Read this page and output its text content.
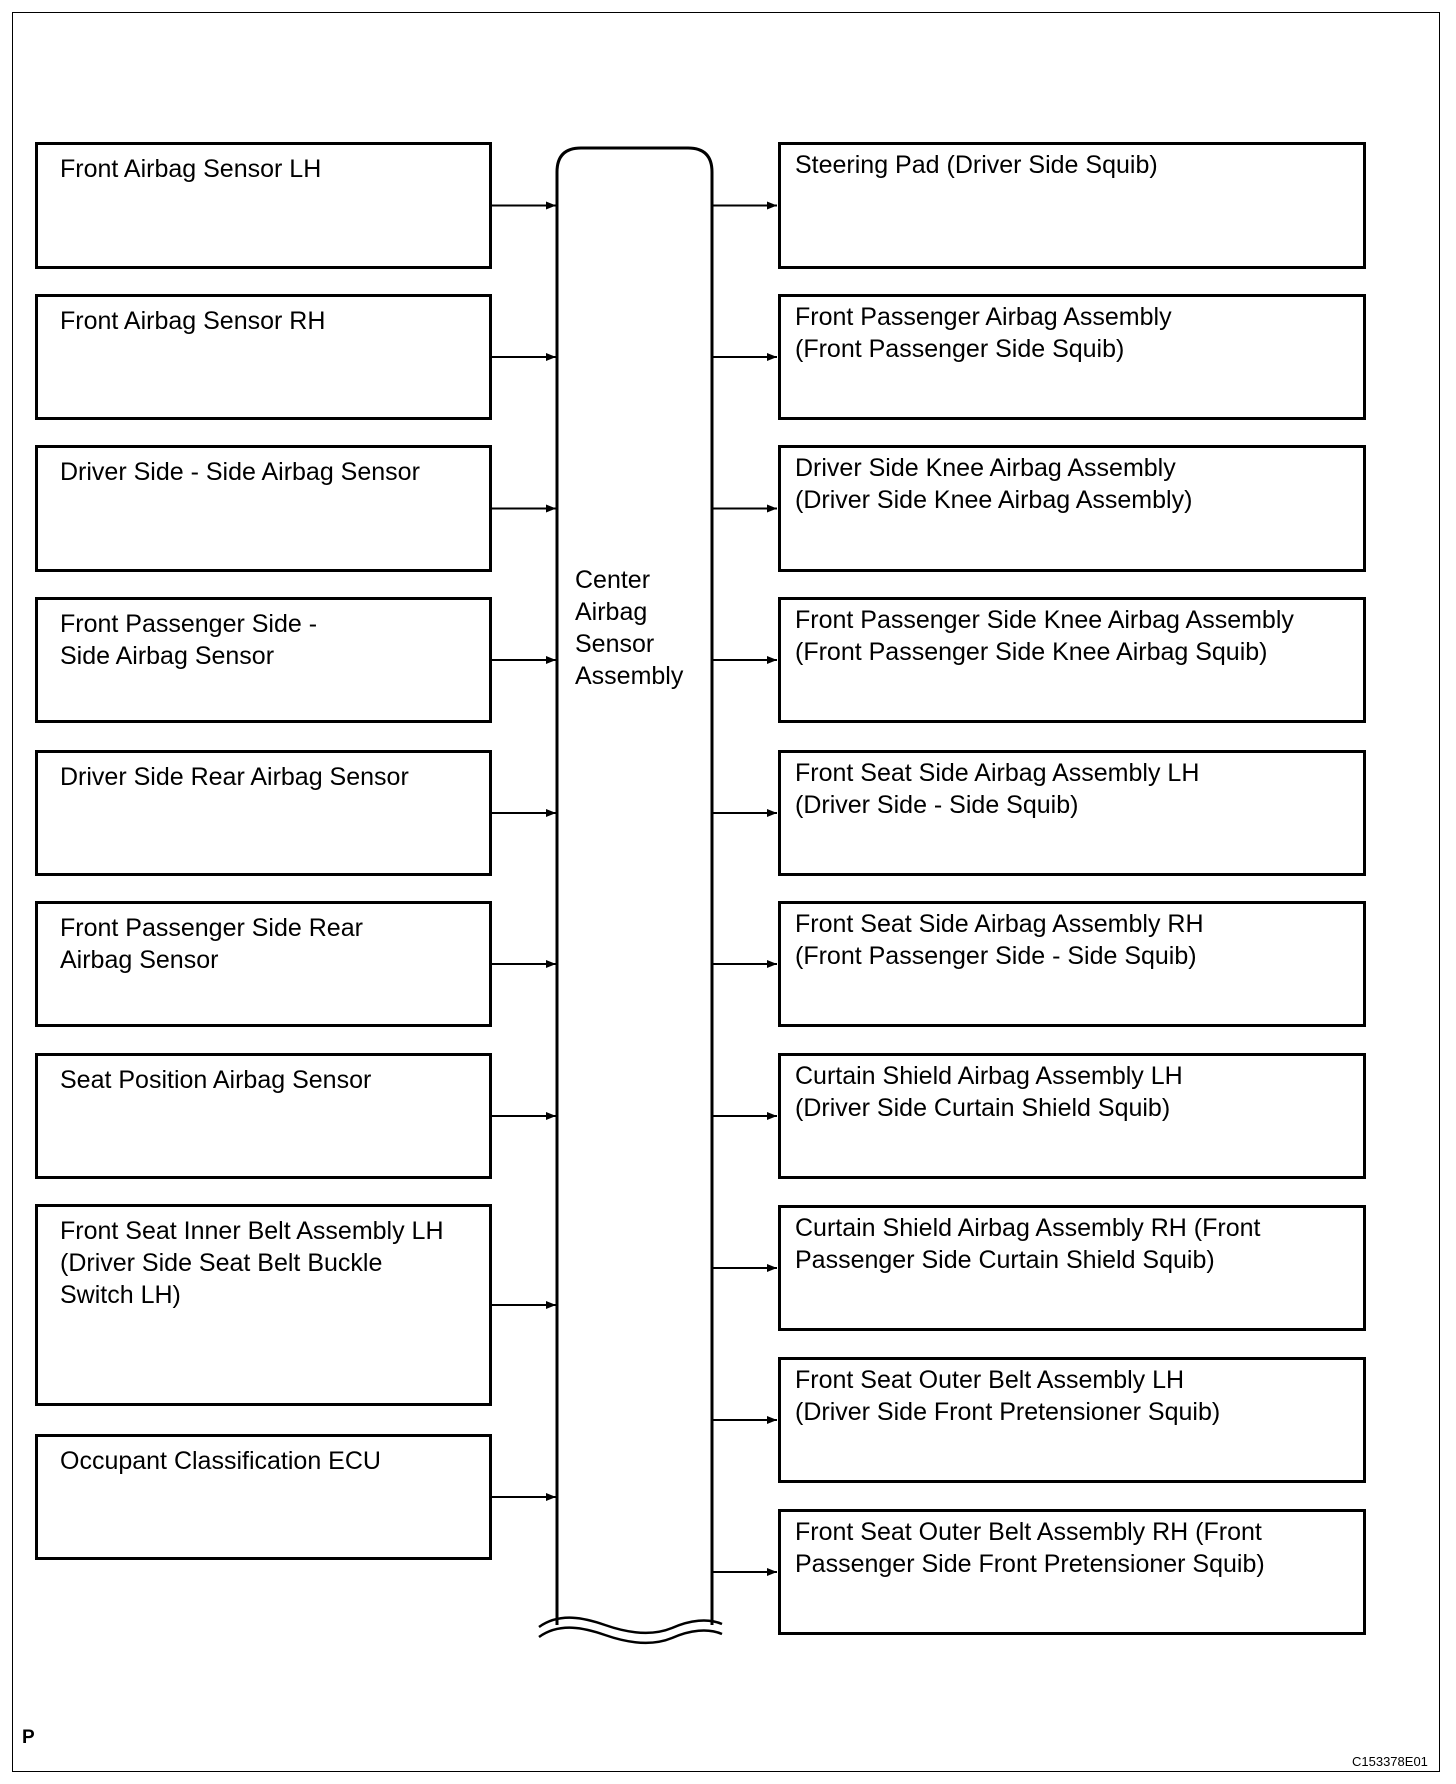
Center
Airbag
Sensor
Assembly
Front Airbag Sensor LH
Front Airbag Sensor RH
Driver Side - Side Airbag Sensor
Front Passenger Side -
Side Airbag Sensor
Driver Side Rear Airbag Sensor
Front Passenger Side Rear
Airbag Sensor
Seat Position Airbag Sensor
Front Seat Inner Belt Assembly LH
(Driver Side Seat Belt Buckle
Switch LH)
Occupant Classification ECU
Steering Pad (Driver Side Squib)
Front Passenger Airbag Assembly
(Front Passenger Side Squib)
Driver Side Knee Airbag Assembly
(Driver Side Knee Airbag Assembly)
Front Passenger Side Knee Airbag Assembly
(Front Passenger Side Knee Airbag Squib)
Front Seat Side Airbag Assembly LH
(Driver Side - Side Squib)
Front Seat Side Airbag Assembly RH
(Front Passenger Side - Side Squib)
Curtain Shield Airbag Assembly LH
(Driver Side Curtain Shield Squib)
Curtain Shield Airbag Assembly RH (Front
Passenger Side Curtain Shield Squib)
Front Seat Outer Belt Assembly LH
(Driver Side Front Pretensioner Squib)
Front Seat Outer Belt Assembly RH (Front
Passenger Side Front Pretensioner Squib)
P
C153378E01
